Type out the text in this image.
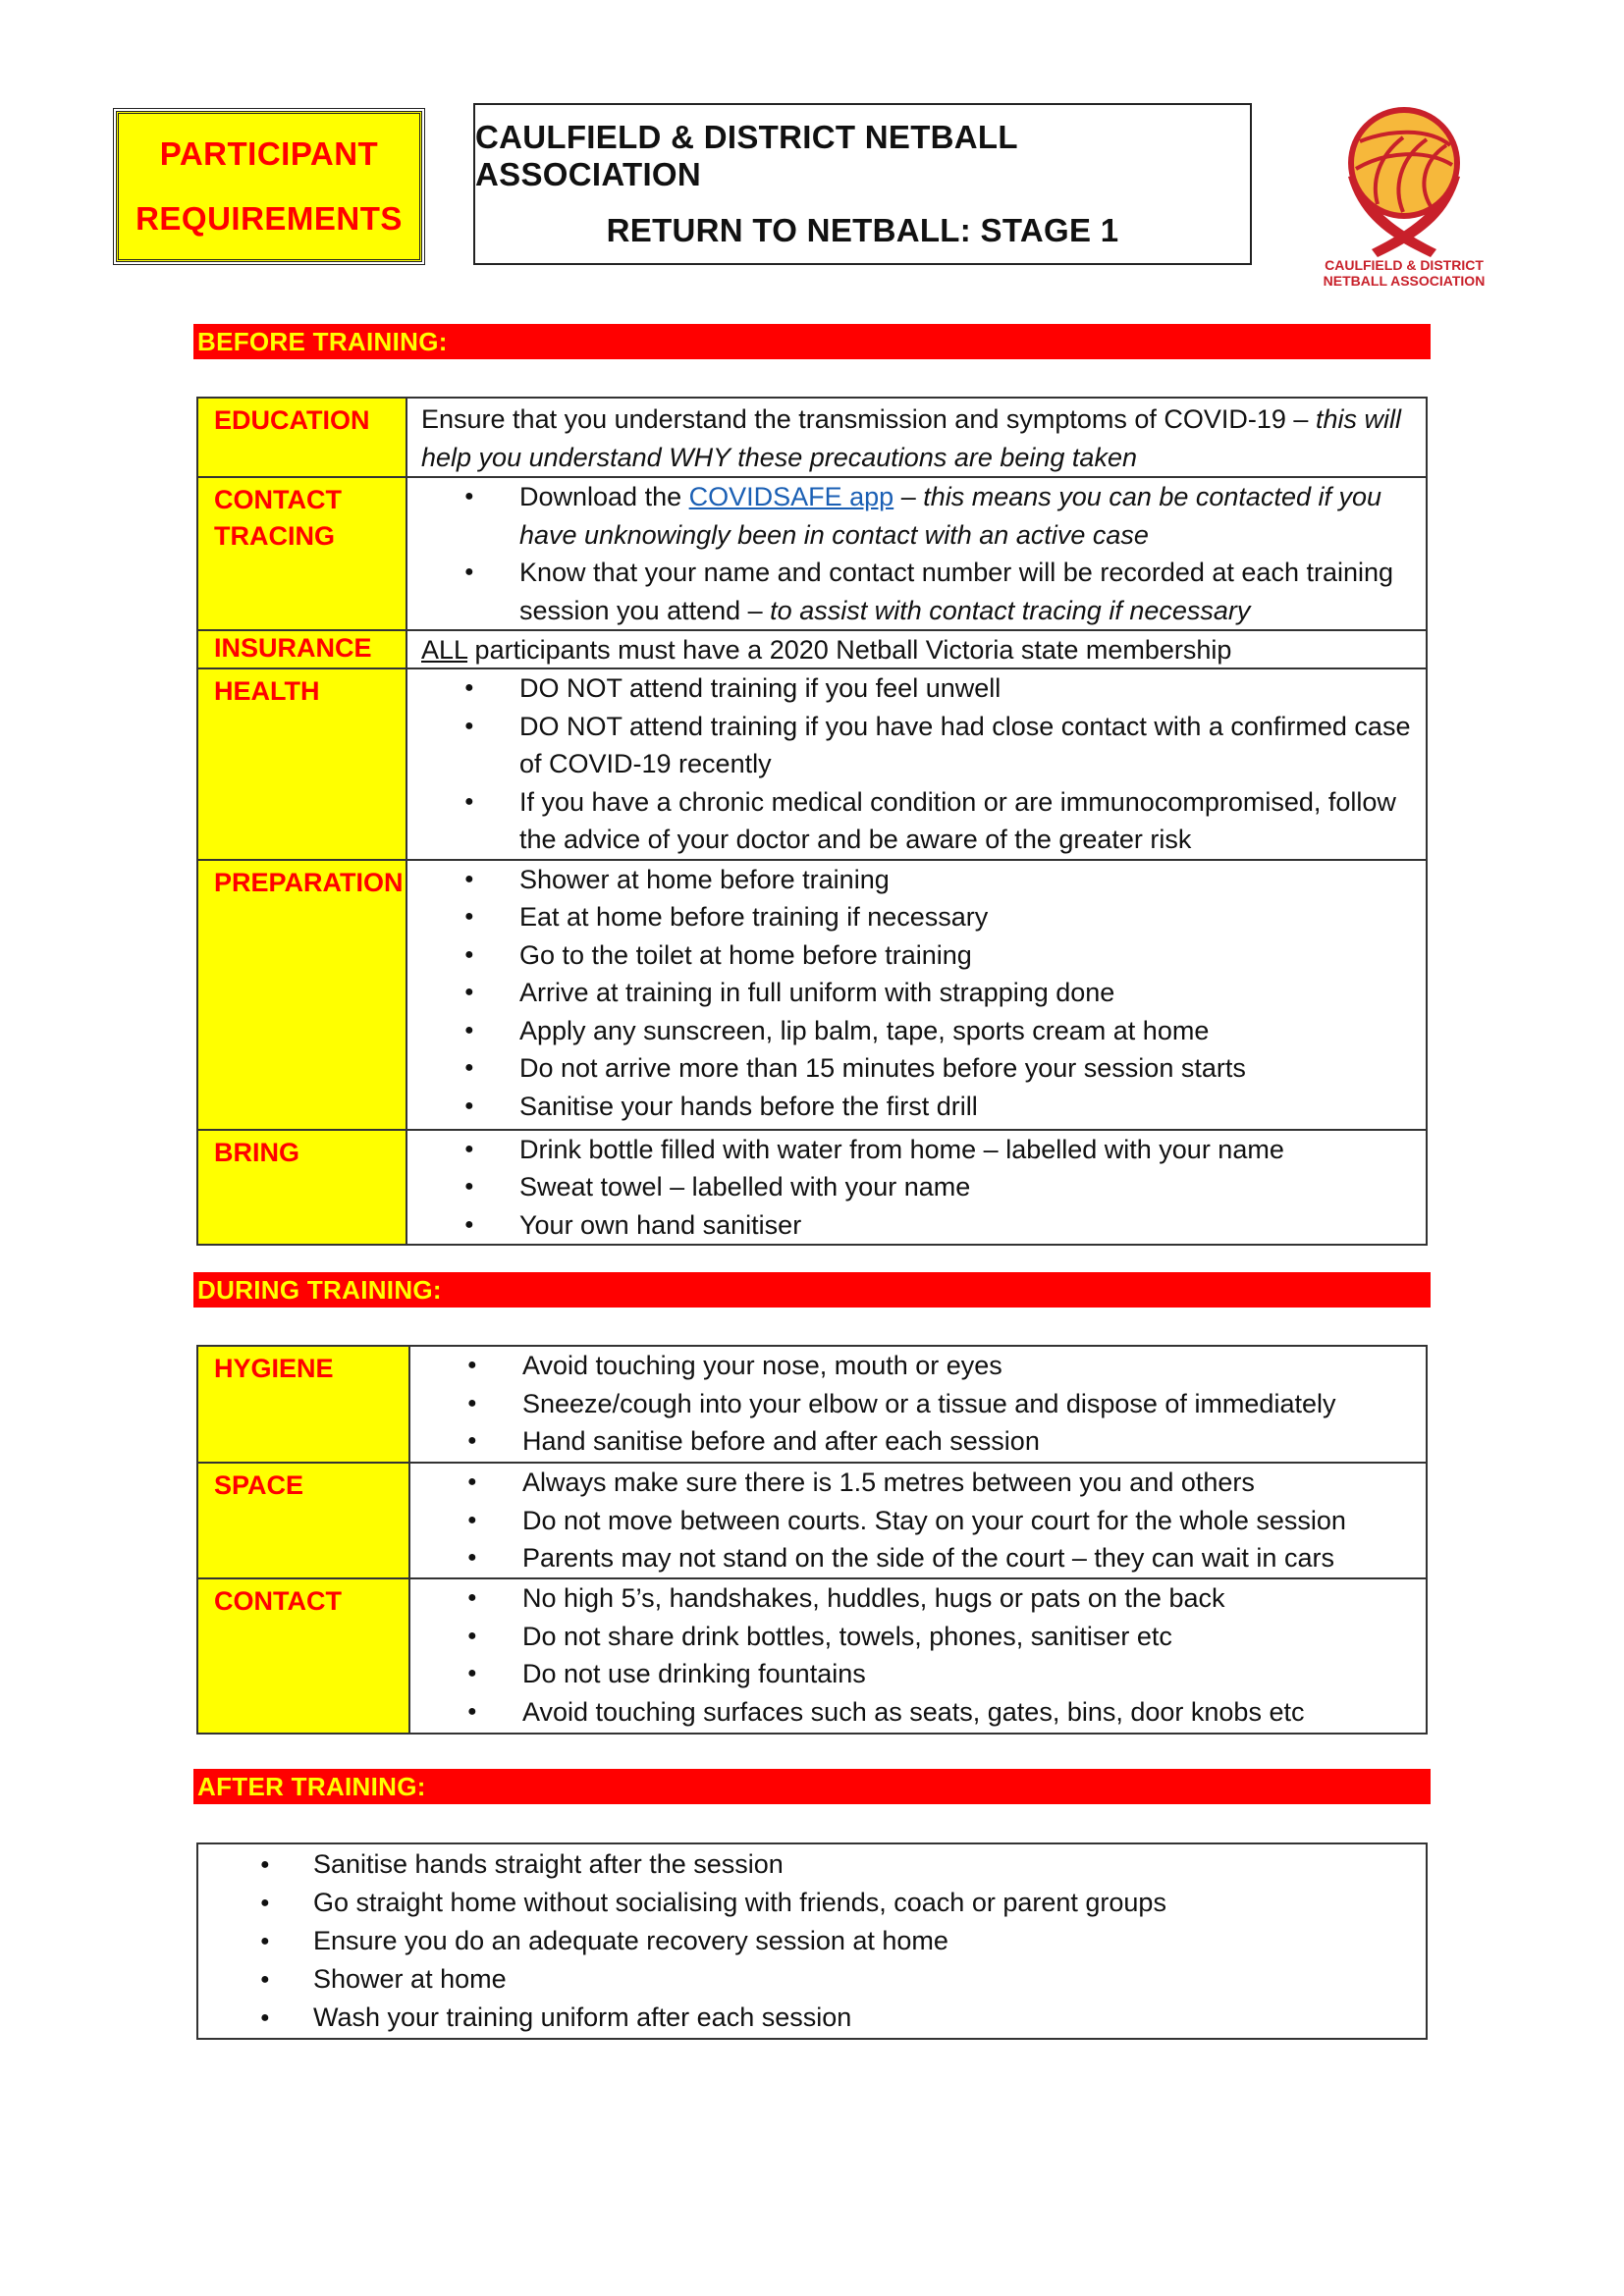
PARTICIPANT
REQUIREMENTS
CAULFIELD & DISTRICT NETBALL ASSOCIATION
RETURN TO NETBALL: STAGE 1
CAULFIELD & DISTRICT
NETBALL ASSOCIATION
BEFORE TRAINING:
EDUCATION	Ensure that you understand the transmission and symptoms of COVID-19 – this will help you understand WHY these precautions are being taken

CONTACT
TRACING

● Download the COVIDSAFE app – this means you can be contacted if you have unknowingly been in contact with an active case
● Know that your name and contact number will be recorded at each training session you attend – to assist with contact tracing if necessary

INSURANCE	ALL participants must have a 2020 Netball Victoria state membership

HEALTH

●DO NOT attend training if you feel unwell
● DO NOT attend training if you have had close contact with a confirmed case of COVID-19 recently
● If you have a chronic medical condition or are immunocompromised, follow the advice of your doctor and be aware of the greater risk

PREPARATION

●Shower at home before training
● Eat at home before training if necessary
● Go to the toilet at home before training
● Arrive at training in full uniform with strapping done
● Apply any sunscreen, lip balm, tape, sports cream at home
● Do not arrive more than 15 minutes before your session starts
● Sanitise your hands before the first drill

BRING

●Drink bottle filled with water from home – labelled with your name
● Sweat towel – labelled with your name
● Your own hand sanitiser
DURING TRAINING:
HYGIENE

●Avoid touching your nose, mouth or eyes
● Sneeze/cough into your elbow or a tissue and dispose of immediately
● Hand sanitise before and after each session

SPACE

●Always make sure there is 1.5 metres between you and others
● Do not move between courts. Stay on your court for the whole session
● Parents may not stand on the side of the court – they can wait in cars

CONTACT

●No high 5’s, handshakes, huddles, hugs or pats on the back
● Do not share drink bottles, towels, phones, sanitiser etc
● Do not use drinking fountains
● Avoid touching surfaces such as seats, gates, bins, door knobs etc
AFTER TRAINING:
● Sanitise hands straight after the session
● Go straight home without socialising with friends, coach or parent groups
● Ensure you do an adequate recovery session at home
● Shower at home
● Wash your training uniform after each session
